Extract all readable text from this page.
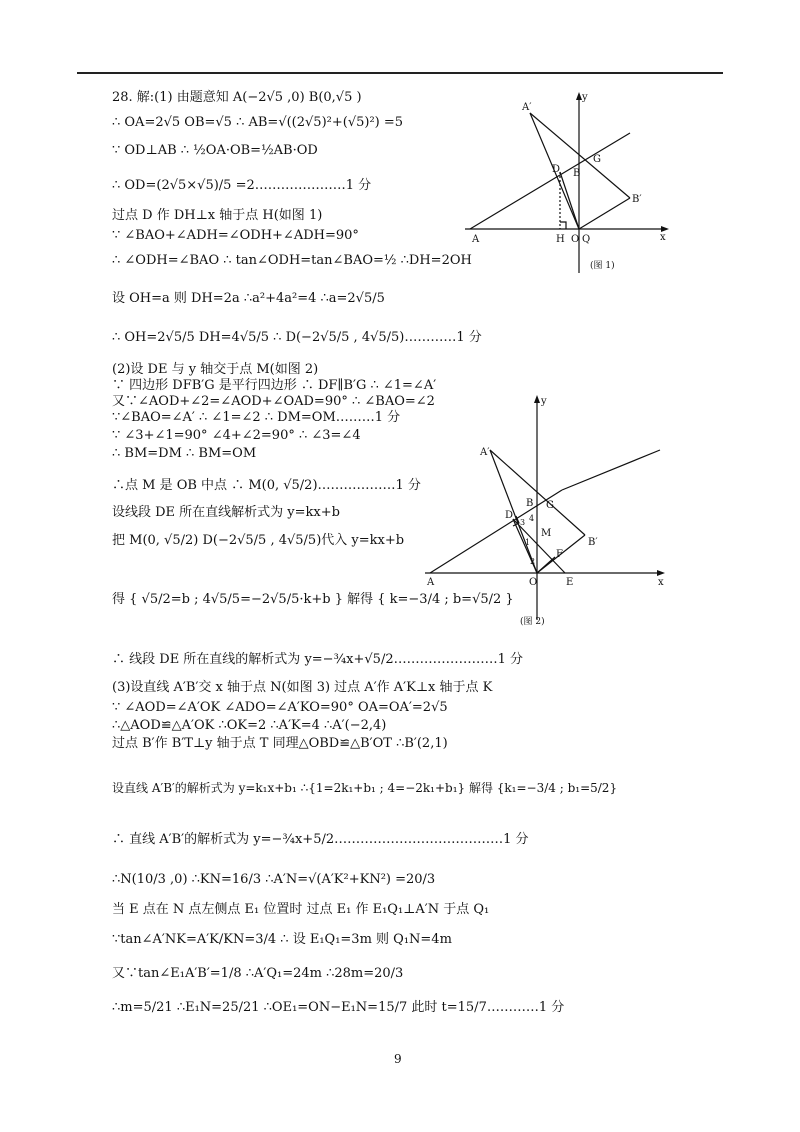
28. 解:(1) 由题意知 A(−2√5 ,0) B(0,√5 )
∴ OA=2√5 OB=√5 ∴ AB=√((2√5)²+(√5)²) =5
∵ OD⊥AB ∴ ½OA·OB=½AB·OD
∴ OD=(2√5×√5)/5 =2…………………1 分
过点 D 作 DH⊥x 轴于点 H(如图 1)
∵ ∠BAO+∠ADH=∠ODH+∠ADH=90°
∴ ∠ODH=∠BAO ∴ tan∠ODH=tan∠BAO=½ ∴DH=2OH
设 OH=a 则 DH=2a ∴a²+4a²=4 ∴a=2√5/5
∴ OH=2√5/5 DH=4√5/5 ∴ D(−2√5/5 , 4√5/5)…………1 分
(2)设 DE 与 y 轴交于点 M(如图 2)
∵ 四边形 DFB′G 是平行四边形 ∴ DF∥B′G ∴ ∠1=∠A′
又∵∠AOD+∠2=∠AOD+∠OAD=90° ∴ ∠BAO=∠2
∵∠BAO=∠A′ ∴ ∠1=∠2 ∴ DM=OM………1 分
∵ ∠3+∠1=90° ∠4+∠2=90° ∴ ∠3=∠4
∴ BM=DM ∴ BM=OM
∴点 M 是 OB 中点 ∴ M(0, √5/2)………………1 分
设线段 DE 所在直线解析式为 y=kx+b
把 M(0, √5/2) D(−2√5/5 , 4√5/5)代入 y=kx+b
得 { √5/2=b ; 4√5/5=−2√5/5·k+b } 解得 { k=−3/4 ; b=√5/2 }
∴ 线段 DE 所在直线的解析式为 y=−¾x+√5/2……………………1 分
(3)设直线 A′B′交 x 轴于点 N(如图 3) 过点 A′作 A′K⊥x 轴于点 K
∵ ∠AOD=∠A′OK ∠ADO=∠A′KO=90° OA=OA′=2√5
∴△AOD≌△A′OK ∴OK=2 ∴A′K=4 ∴A′(−2,4)
过点 B′作 B′T⊥y 轴于点 T 同理△OBD≌△B′OT ∴B′(2,1)
设直线 A′B′的解析式为 y=k₁x+b₁ ∴{1=2k₁+b₁ ; 4=−2k₁+b₁} 解得 {k₁=−3/4 ; b₁=5/2}
∴ 直线 A′B′的解析式为 y=−¾x+5/2…………………………………1 分
∴N(10/3 ,0) ∴KN=16/3 ∴A′N=√(A′K²+KN²) =20/3
当 E 点在 N 点左侧点 E₁ 位置时 过点 E₁ 作 E₁Q₁⊥A′N 于点 Q₁
∵tan∠A′NK=A′K/KN=3/4 ∴ 设 E₁Q₁=3m 则 Q₁N=4m
又∵tan∠E₁A′B′=1/8 ∴A′Q₁=24m ∴28m=20/3
∴m=5/21 ∴E₁N=25/21 ∴OE₁=ON−E₁N=15/7 此时 t=15/7…………1 分
A′
y
G
D B
B′
A	H O Q	x
(图 1)
y
A′
B G
D
3 4
M
1
2
F
B′
A	O	E	x
(图 2)
9
